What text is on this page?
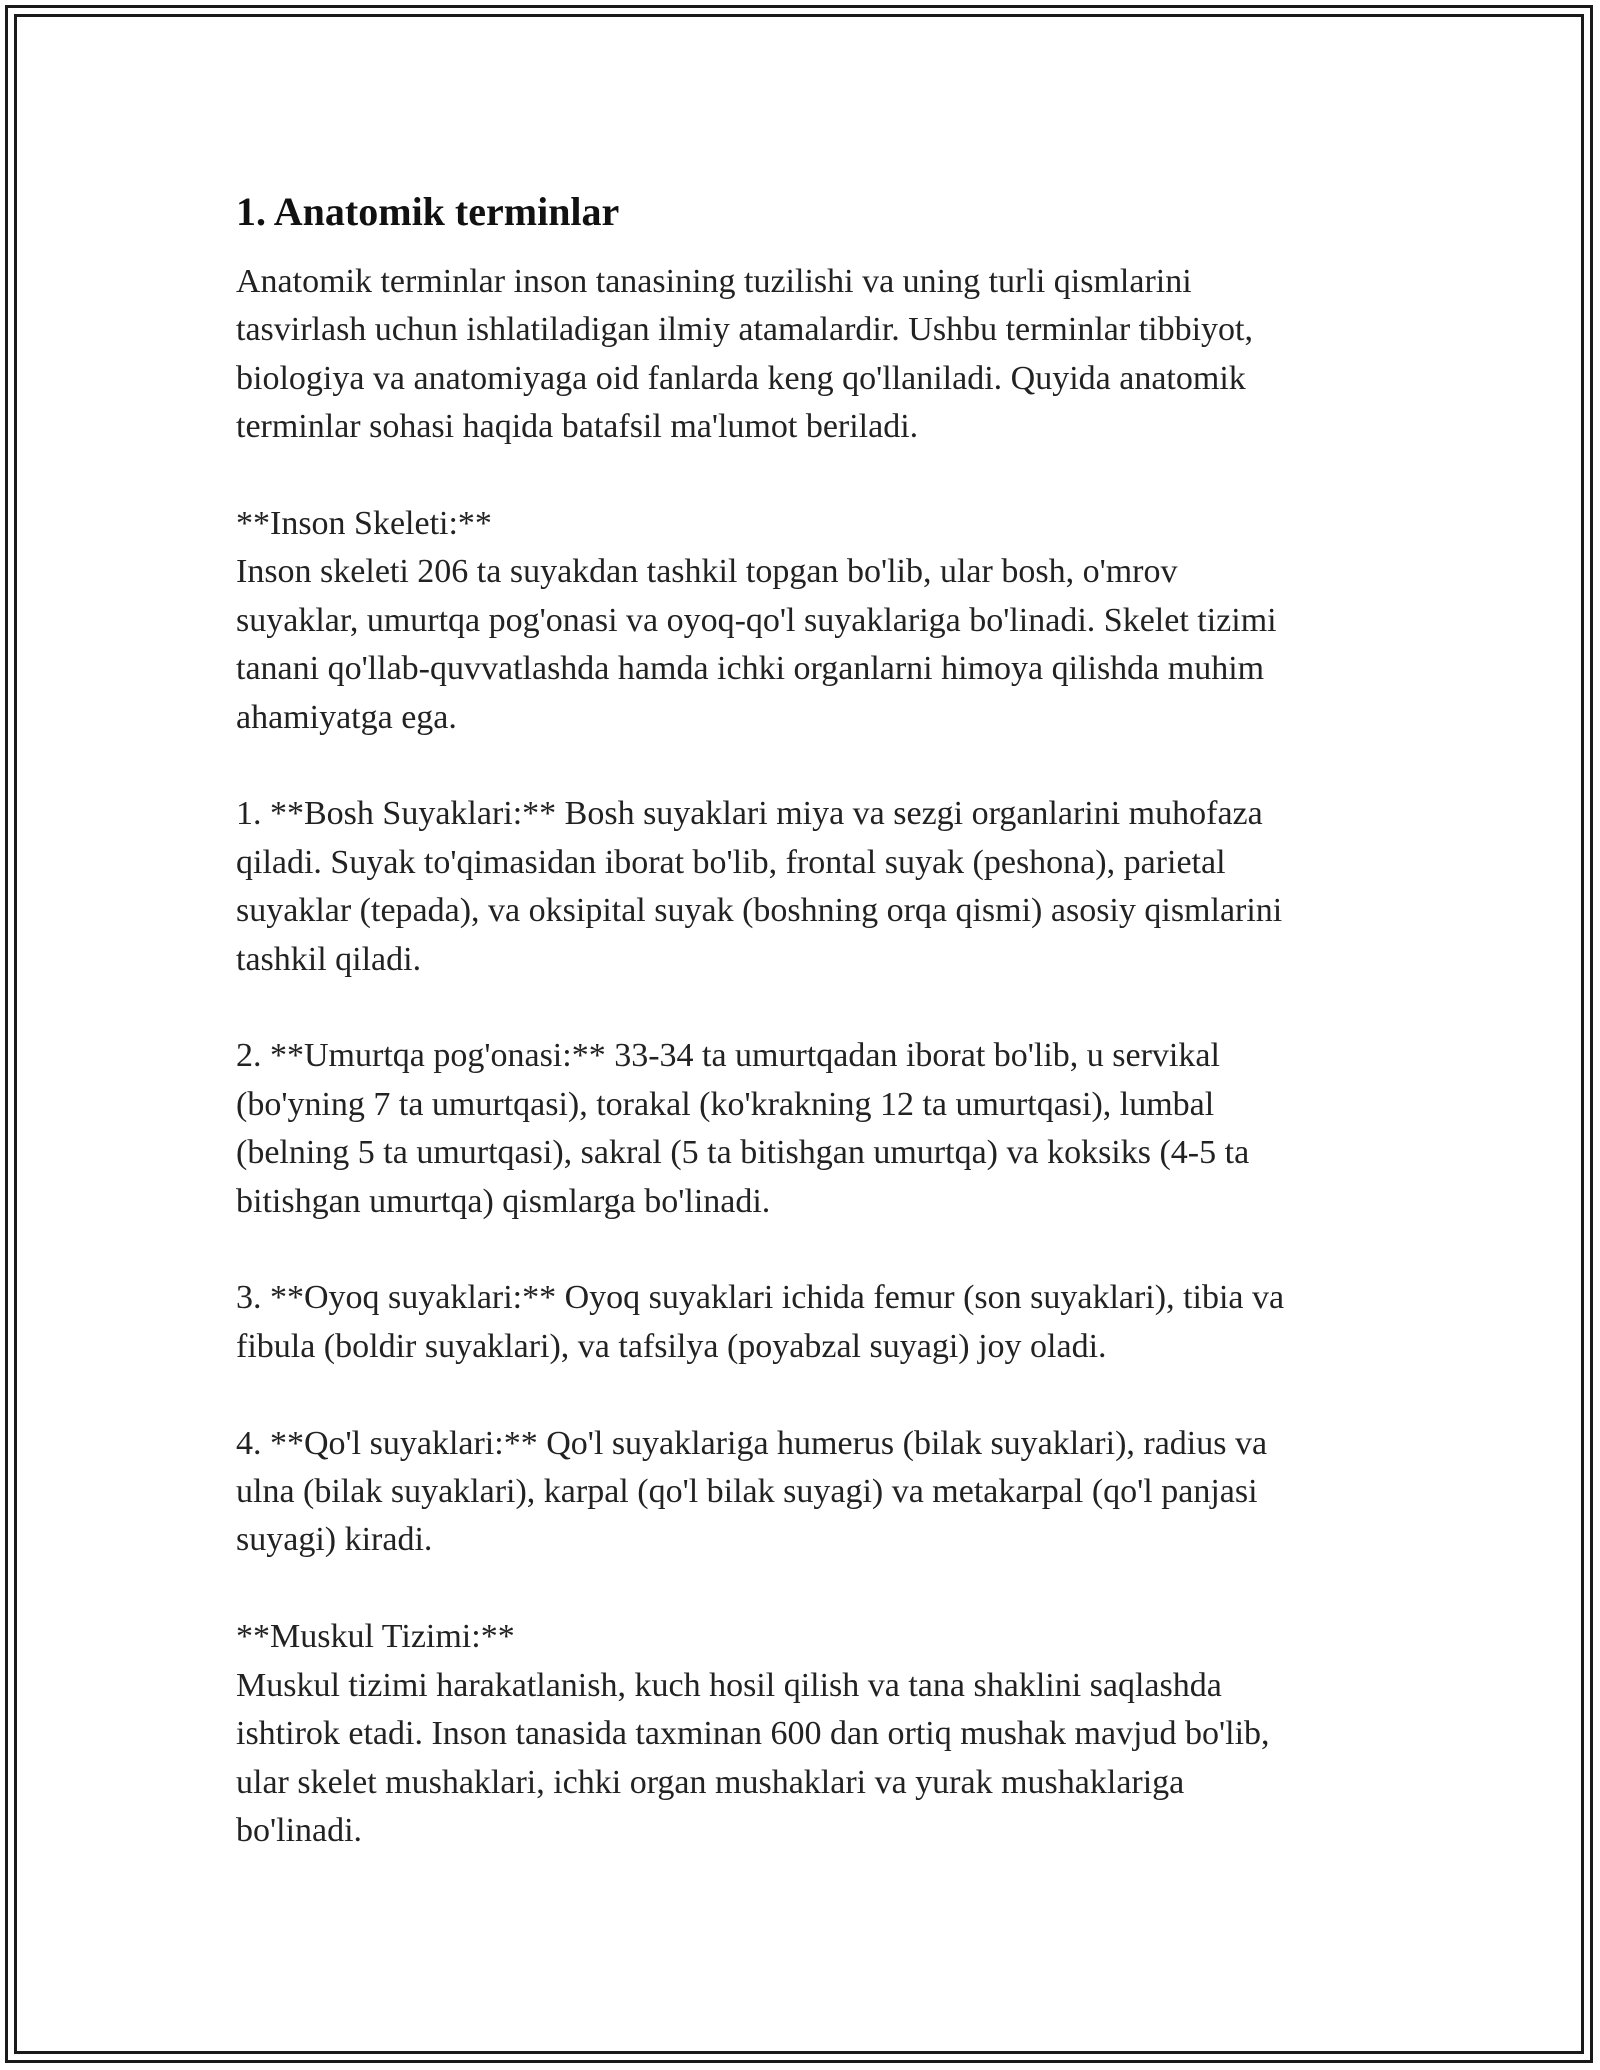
1. Anatomik terminlar

Anatomik terminlar inson tanasining tuzilishi va uning turli qismlarini
tasvirlash uchun ishlatiladigan ilmiy atamalardir. Ushbu terminlar tibbiyot,
biologiya va anatomiyaga oid fanlarda keng qo'llaniladi. Quyida anatomik
terminlar sohasi haqida batafsil ma'lumot beriladi.

**Inson Skeleti:**
Inson skeleti 206 ta suyakdan tashkil topgan bo'lib, ular bosh, o'mrov
suyaklar, umurtqa pog'onasi va oyoq-qo'l suyaklariga bo'linadi. Skelet tizimi
tanani qo'llab-quvvatlashda hamda ichki organlarni himoya qilishda muhim
ahamiyatga ega.

1. **Bosh Suyaklari:** Bosh suyaklari miya va sezgi organlarini muhofaza
qiladi. Suyak to'qimasidan iborat bo'lib, frontal suyak (peshona), parietal
suyaklar (tepada), va oksipital suyak (boshning orqa qismi) asosiy qismlarini
tashkil qiladi.

2. **Umurtqa pog'onasi:** 33-34 ta umurtqadan iborat bo'lib, u servikal
(bo'yning 7 ta umurtqasi), torakal (ko'krakning 12 ta umurtqasi), lumbal
(belning 5 ta umurtqasi), sakral (5 ta bitishgan umurtqa) va koksiks (4-5 ta
bitishgan umurtqa) qismlarga bo'linadi.

3. **Oyoq suyaklari:** Oyoq suyaklari ichida femur (son suyaklari), tibia va
fibula (boldir suyaklari), va tafsilya (poyabzal suyagi) joy oladi.

4. **Qo'l suyaklari:** Qo'l suyaklariga humerus (bilak suyaklari), radius va
ulna (bilak suyaklari), karpal (qo'l bilak suyagi) va metakarpal (qo'l panjasi
suyagi) kiradi.

**Muskul Tizimi:**
Muskul tizimi harakatlanish, kuch hosil qilish va tana shaklini saqlashda
ishtirok etadi. Inson tanasida taxminan 600 dan ortiq mushak mavjud bo'lib,
ular skelet mushaklari, ichki organ mushaklari va yurak mushaklariga
bo'linadi.
